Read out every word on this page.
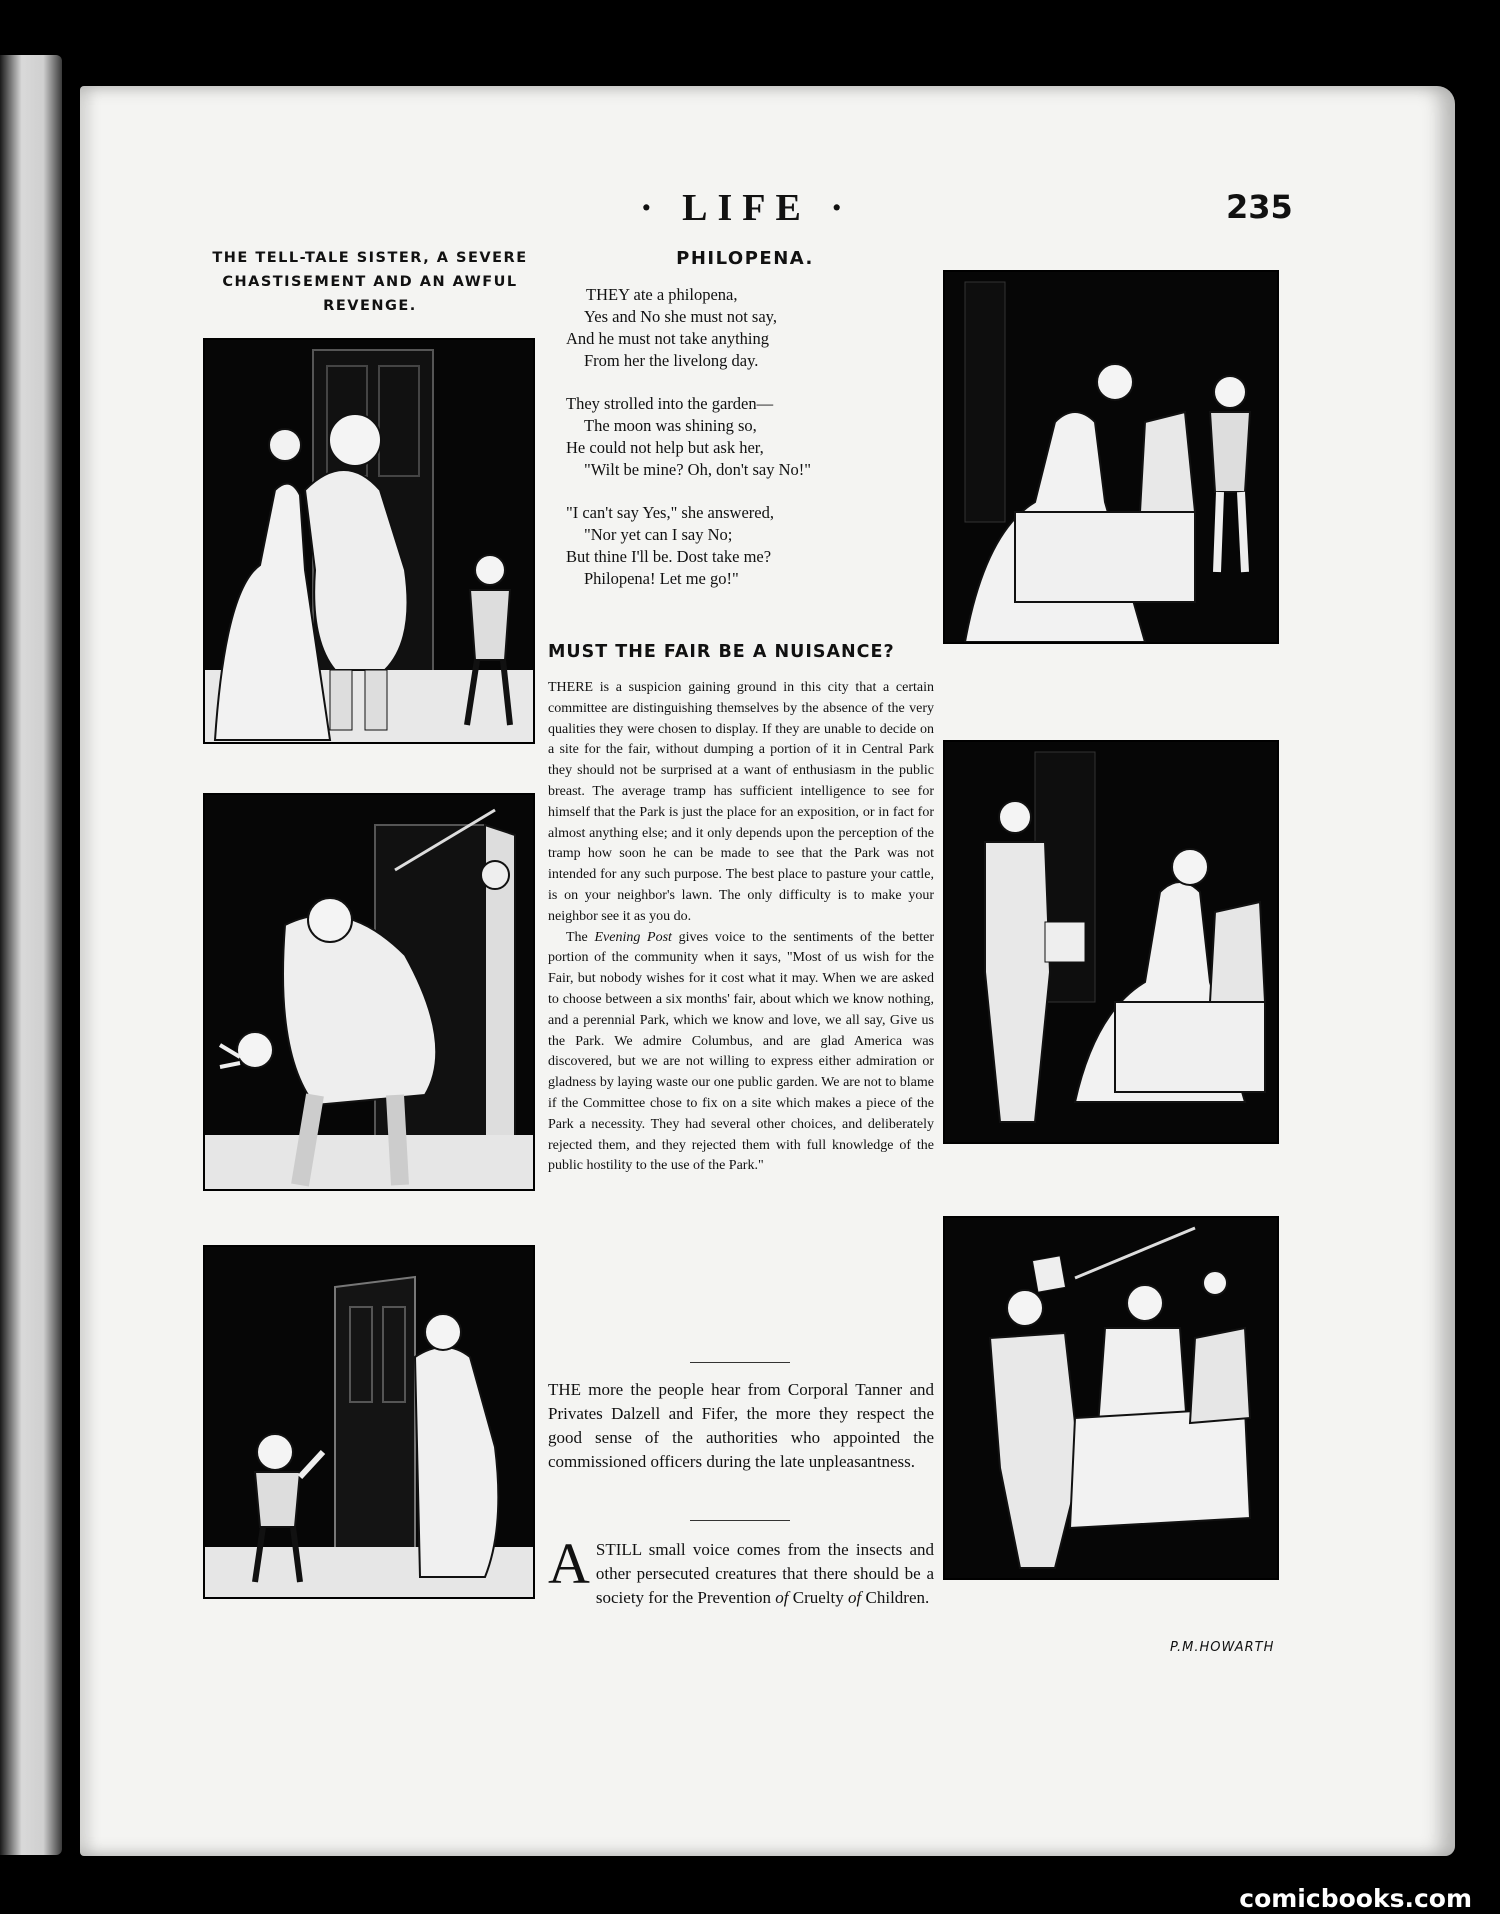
· LIFE ·	235
THE TELL-TALE SISTER, A SEVERE CHASTISEMENT AND AN AWFUL REVENGE.
PHILOPENA.
THEY ate a philopena,
Yes and No she must not say,
And he must not take anything
From her the livelong day.
They strolled into the garden—
The moon was shining so,
He could not help but ask her,
"Wilt be mine? Oh, don't say No!"
"I can't say Yes," she answered,
"Nor yet can I say No;
But thine I'll be. Dost take me?
Philopena! Let me go!"
MUST THE FAIR BE A NUISANCE?

THERE is a suspicion gaining ground in this city that a certain committee are distinguishing themselves by the absence of the very qualities they were chosen to display. If they are unable to decide on a site for the fair, without dumping a portion of it in Central Park they should not be surprised at a want of enthusiasm in the public breast. The average tramp has sufficient intelligence to see for himself that the Park is just the place for an exposition, or in fact for almost anything else; and it only depends upon the perception of the tramp how soon he can be made to see that the Park was not intended for any such purpose. The best place to pasture your cattle, is on your neighbor's lawn. The only difficulty is to make your neighbor see it as you do.

The Evening Post gives voice to the sentiments of the better portion of the community when it says, "Most of us wish for the Fair, but nobody wishes for it cost what it may. When we are asked to choose between a six months' fair, about which we know nothing, and a perennial Park, which we know and love, we all say, Give us the Park. We admire Columbus, and are glad America was discovered, but we are not willing to express either admiration or gladness by laying waste our one public garden. We are not to blame if the Committee chose to fix on a site which makes a piece of the Park a necessity. They had several other choices, and deliberately rejected them, and they rejected them with full knowledge of the public hostility to the use of the Park."

THE more the people hear from Corporal Tanner and Privates Dalzell and Fifer, the more they respect the good sense of the authorities who appointed the commissioned officers during the late unpleasantness.

A STILL small voice comes from the insects and other persecuted creatures that there should be a society for the Prevention of Cruelty of Children.

P.M.HOWARTH
comicbooks.com
